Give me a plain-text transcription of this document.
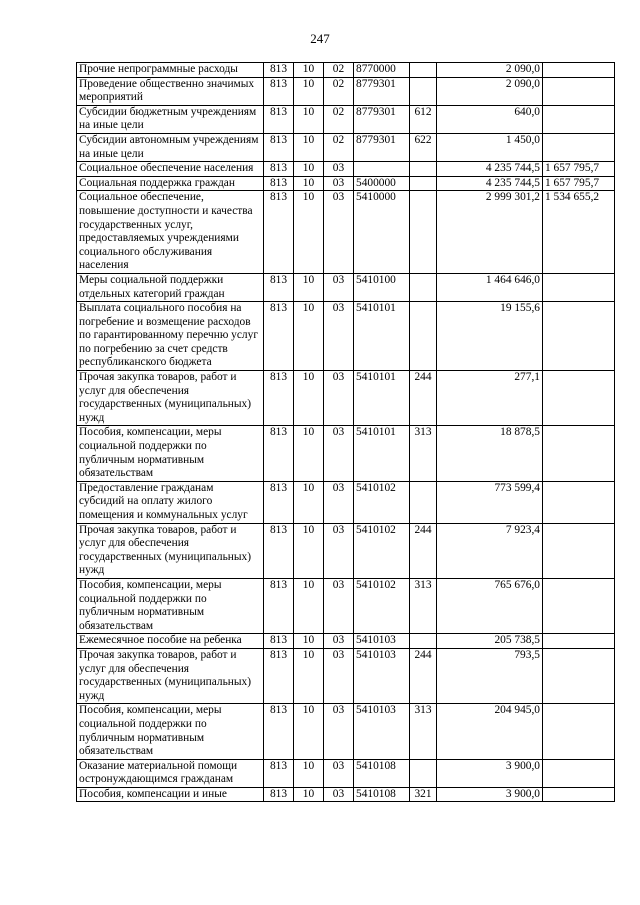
247
Прочие непрограммные расходы	813	10	02	8770000		2 090,0	
Проведение общественно значимых мероприятий	813	10	02	8779301		2 090,0	
Субсидии бюджетным учреждениям на иные цели	813	10	02	8779301	612	640,0	
Субсидии автономным учреждениям на иные цели	813	10	02	8779301	622	1 450,0	
Социальное обеспечение населения	813	10	03			4 235 744,5	1 657 795,7
Социальная поддержка граждан	813	10	03	5400000		4 235 744,5	1 657 795,7
Социальное обеспечение, повышение доступности и качества государственных услуг, предоставляемых учреждениями социального обслуживания населения	813	10	03	5410000		2 999 301,2	1 534 655,2
Меры социальной поддержки отдельных категорий граждан	813	10	03	5410100		1 464 646,0	
Выплата социального пособия на погребение и возмещение расходов по гарантированному перечню услуг по погребению за счет средств республиканского бюджета	813	10	03	5410101		19 155,6	
Прочая закупка товаров, работ и услуг для обеспечения государственных (муниципальных) нужд	813	10	03	5410101	244	277,1	
Пособия, компенсации, меры социальной поддержки по публичным нормативным обязательствам	813	10	03	5410101	313	18 878,5	
Предоставление гражданам субсидий на оплату жилого помещения и коммунальных услуг	813	10	03	5410102		773 599,4	
Прочая закупка товаров, работ и услуг для обеспечения государственных (муниципальных) нужд	813	10	03	5410102	244	7 923,4	
Пособия, компенсации, меры социальной поддержки по публичным нормативным обязательствам	813	10	03	5410102	313	765 676,0	
Ежемесячное пособие на ребенка	813	10	03	5410103		205 738,5	
Прочая закупка товаров, работ и услуг для обеспечения государственных (муниципальных) нужд	813	10	03	5410103	244	793,5	
Пособия, компенсации, меры социальной поддержки по публичным нормативным обязательствам	813	10	03	5410103	313	204 945,0	
Оказание материальной помощи остронуждающимся гражданам	813	10	03	5410108		3 900,0	
Пособия, компенсации и иные	813	10	03	5410108	321	3 900,0	
